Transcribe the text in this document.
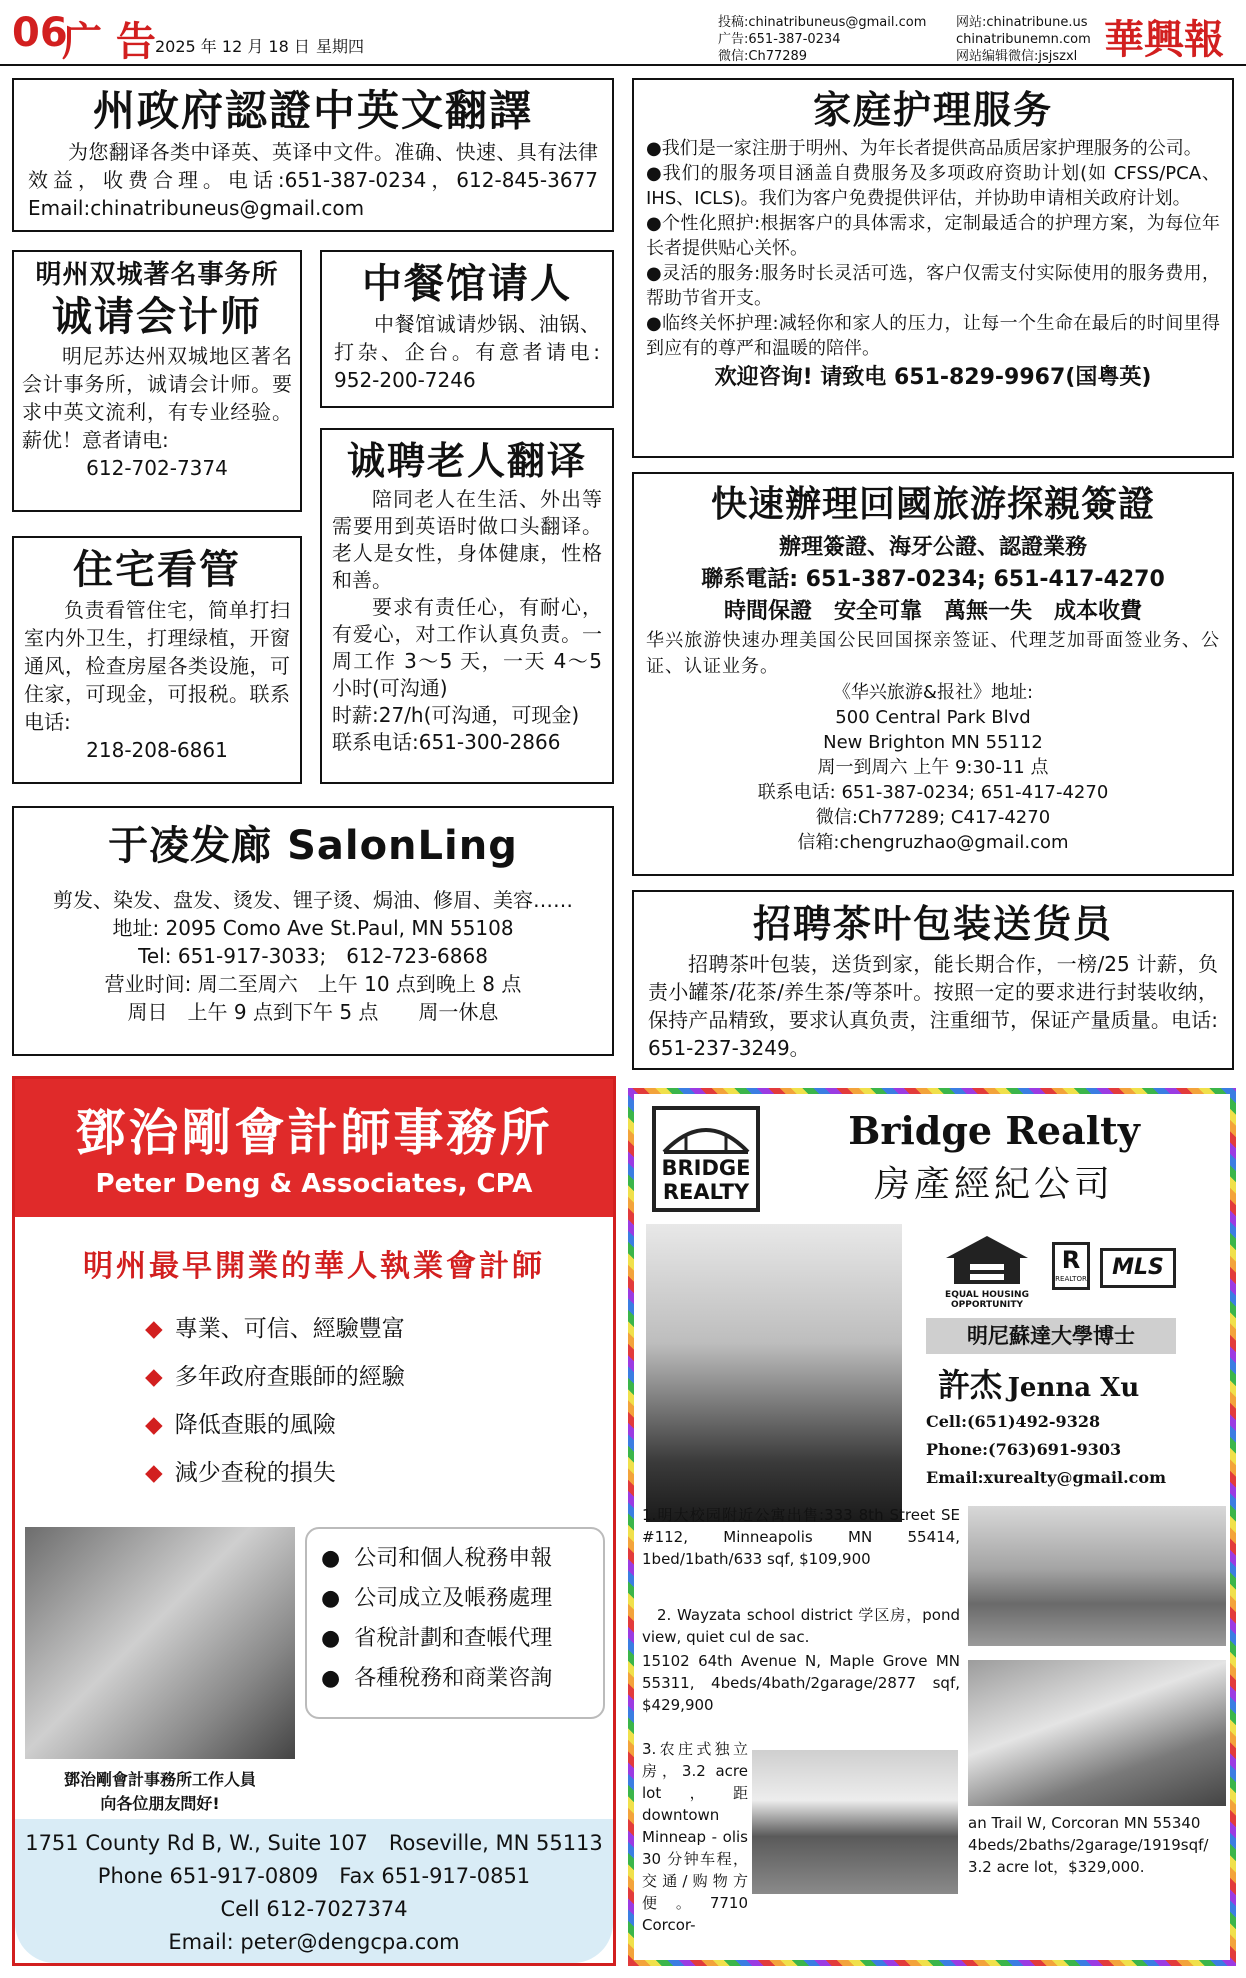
06
广 告 2025 年 12 月 18 日 星期四
投稿:chinatribuneus@gmail.com
广告:651-387-0234
微信:Ch77289
网站:chinatribune.us
chinatribunemn.com
网站编辑微信:jsjszxl 華興報
州政府認證中英文翻譯
为您翻译各类中译英、英译中文件。准确、快速、具有法律效益，收费合理。电话:651-387-0234，612-845-3677　Email:chinatribuneus@gmail.com
明州双城著名事务所
诚请会计师
明尼苏达州双城地区著名会计事务所，诚请会计师。要求中英文流利，有专业经验。薪优！意者请电:
612-702-7374
中餐馆请人
中餐馆诚请炒锅、油锅、打杂、企台。有意者请电: 952-200-7246
住宅看管
负责看管住宅，简单打扫室内外卫生，打理绿植，开窗通风，检查房屋各类设施，可住家，可现金，可报税。联系电话:
218-208-6861
诚聘老人翻译
陪同老人在生活、外出等需要用到英语时做口头翻译。老人是女性，身体健康，性格和善。
要求有责任心，有耐心，有爱心，对工作认真负责。一周工作 3～5 天，一天 4～5 小时(可沟通)
时薪:27/h(可沟通，可现金)
联系电话:651-300-2866
于凌发廊 SalonLing
剪发、染发、盘发、烫发、锂子烫、焗油、修眉、美容……
地址: 2095 Como Ave St.Paul, MN 55108
Tel: 651-917-3033;　612-723-6868
营业时间: 周二至周六　上午 10 点到晚上 8 点
周日　上午 9 点到下午 5 点　　周一休息
家庭护理服务
●我们是一家注册于明州、为年长者提供高品质居家护理服务的公司。
●我们的服务项目涵盖自费服务及多项政府资助计划(如 CFSS/PCA、IHS、ICLS)。我们为客户免费提供评估，并协助申请相关政府计划。
●个性化照护:根据客户的具体需求，定制最适合的护理方案，为每位年长者提供贴心关怀。
●灵活的服务:服务时长灵活可选，客户仅需支付实际使用的服务费用，帮助节省开支。
●临终关怀护理:减轻你和家人的压力，让每一个生命在最后的时间里得到应有的尊严和温暖的陪伴。
欢迎咨询! 请致电 651-829-9967(国粤英)
快速辦理回國旅游探親簽證
辦理簽證、海牙公證、認證業務
聯系電話: 651-387-0234; 651-417-4270
時間保證　安全可靠　萬無一失　成本收費
华兴旅游快速办理美国公民回国探亲签证、代理芝加哥面签业务、公证、认证业务。
《华兴旅游&报社》地址:
500 Central Park Blvd
New Brighton MN 55112
周一到周六 上午 9:30-11 点
联系电话: 651-387-0234; 651-417-4270
微信:Ch77289; C417-4270
信箱:chengruzhao@gmail.com
招聘茶叶包装送货员
招聘茶叶包装，送货到家，能长期合作，一榜/25 计薪，负责小罐茶/花茶/养生茶/等茶叶。按照一定的要求进行封装收纳，保持产品精致，要求认真负责，注重细节，保证产量质量。电话: 651-237-3249。
鄧治剛會計師事務所
Peter Deng & Associates, CPA
明州最早開業的華人執業會計師
◆ 專業、可信、經驗豐富
◆ 多年政府查賬師的經驗
◆ 降低查賬的風險
◆ 減少查稅的損失
● 公司和個人稅務申報
● 公司成立及帳務處理
● 省稅計劃和查帳代理
● 各種稅務和商業咨詢
鄧治剛會計事務所工作人員
向各位朋友問好!
1751 County Rd B, W., Suite 107　Roseville, MN 55113
Phone 651-917-0809　Fax 651-917-0851
Cell 612-7027374
Email: peter@dengcpa.com
BRIDGE
REALTY
Bridge Realty
房產經紀公司
EQUAL HOUSING
OPPORTUNITY
R
REALTOR	MLS
明尼蘇達大學博士
許杰 Jenna Xu
Cell:(651)492-9328
Phone:(763)691-9303
Email:xurealty@gmail.com
1.明大校园附近公寓出售:333 8th Street SE #112, Minneapolis MN 55414, 1bed/1bath/633 sqf, $109,900
2. Wayzata school district 学区房，pond view, quiet cul de sac.
15102 64th Avenue N, Maple Grove MN 55311, 4beds/4bath/2garage/2877 sqf, $429,900
3.农庄式独立房，3.2 acre lot，距 downtown Minneap - olis 30 分钟车程，交通/购物方便。7710 Corcor-
an Trail W, Corcoran MN 55340 4beds/2baths/2garage/1919sqf/ 3.2 acre lot，$329,000.
